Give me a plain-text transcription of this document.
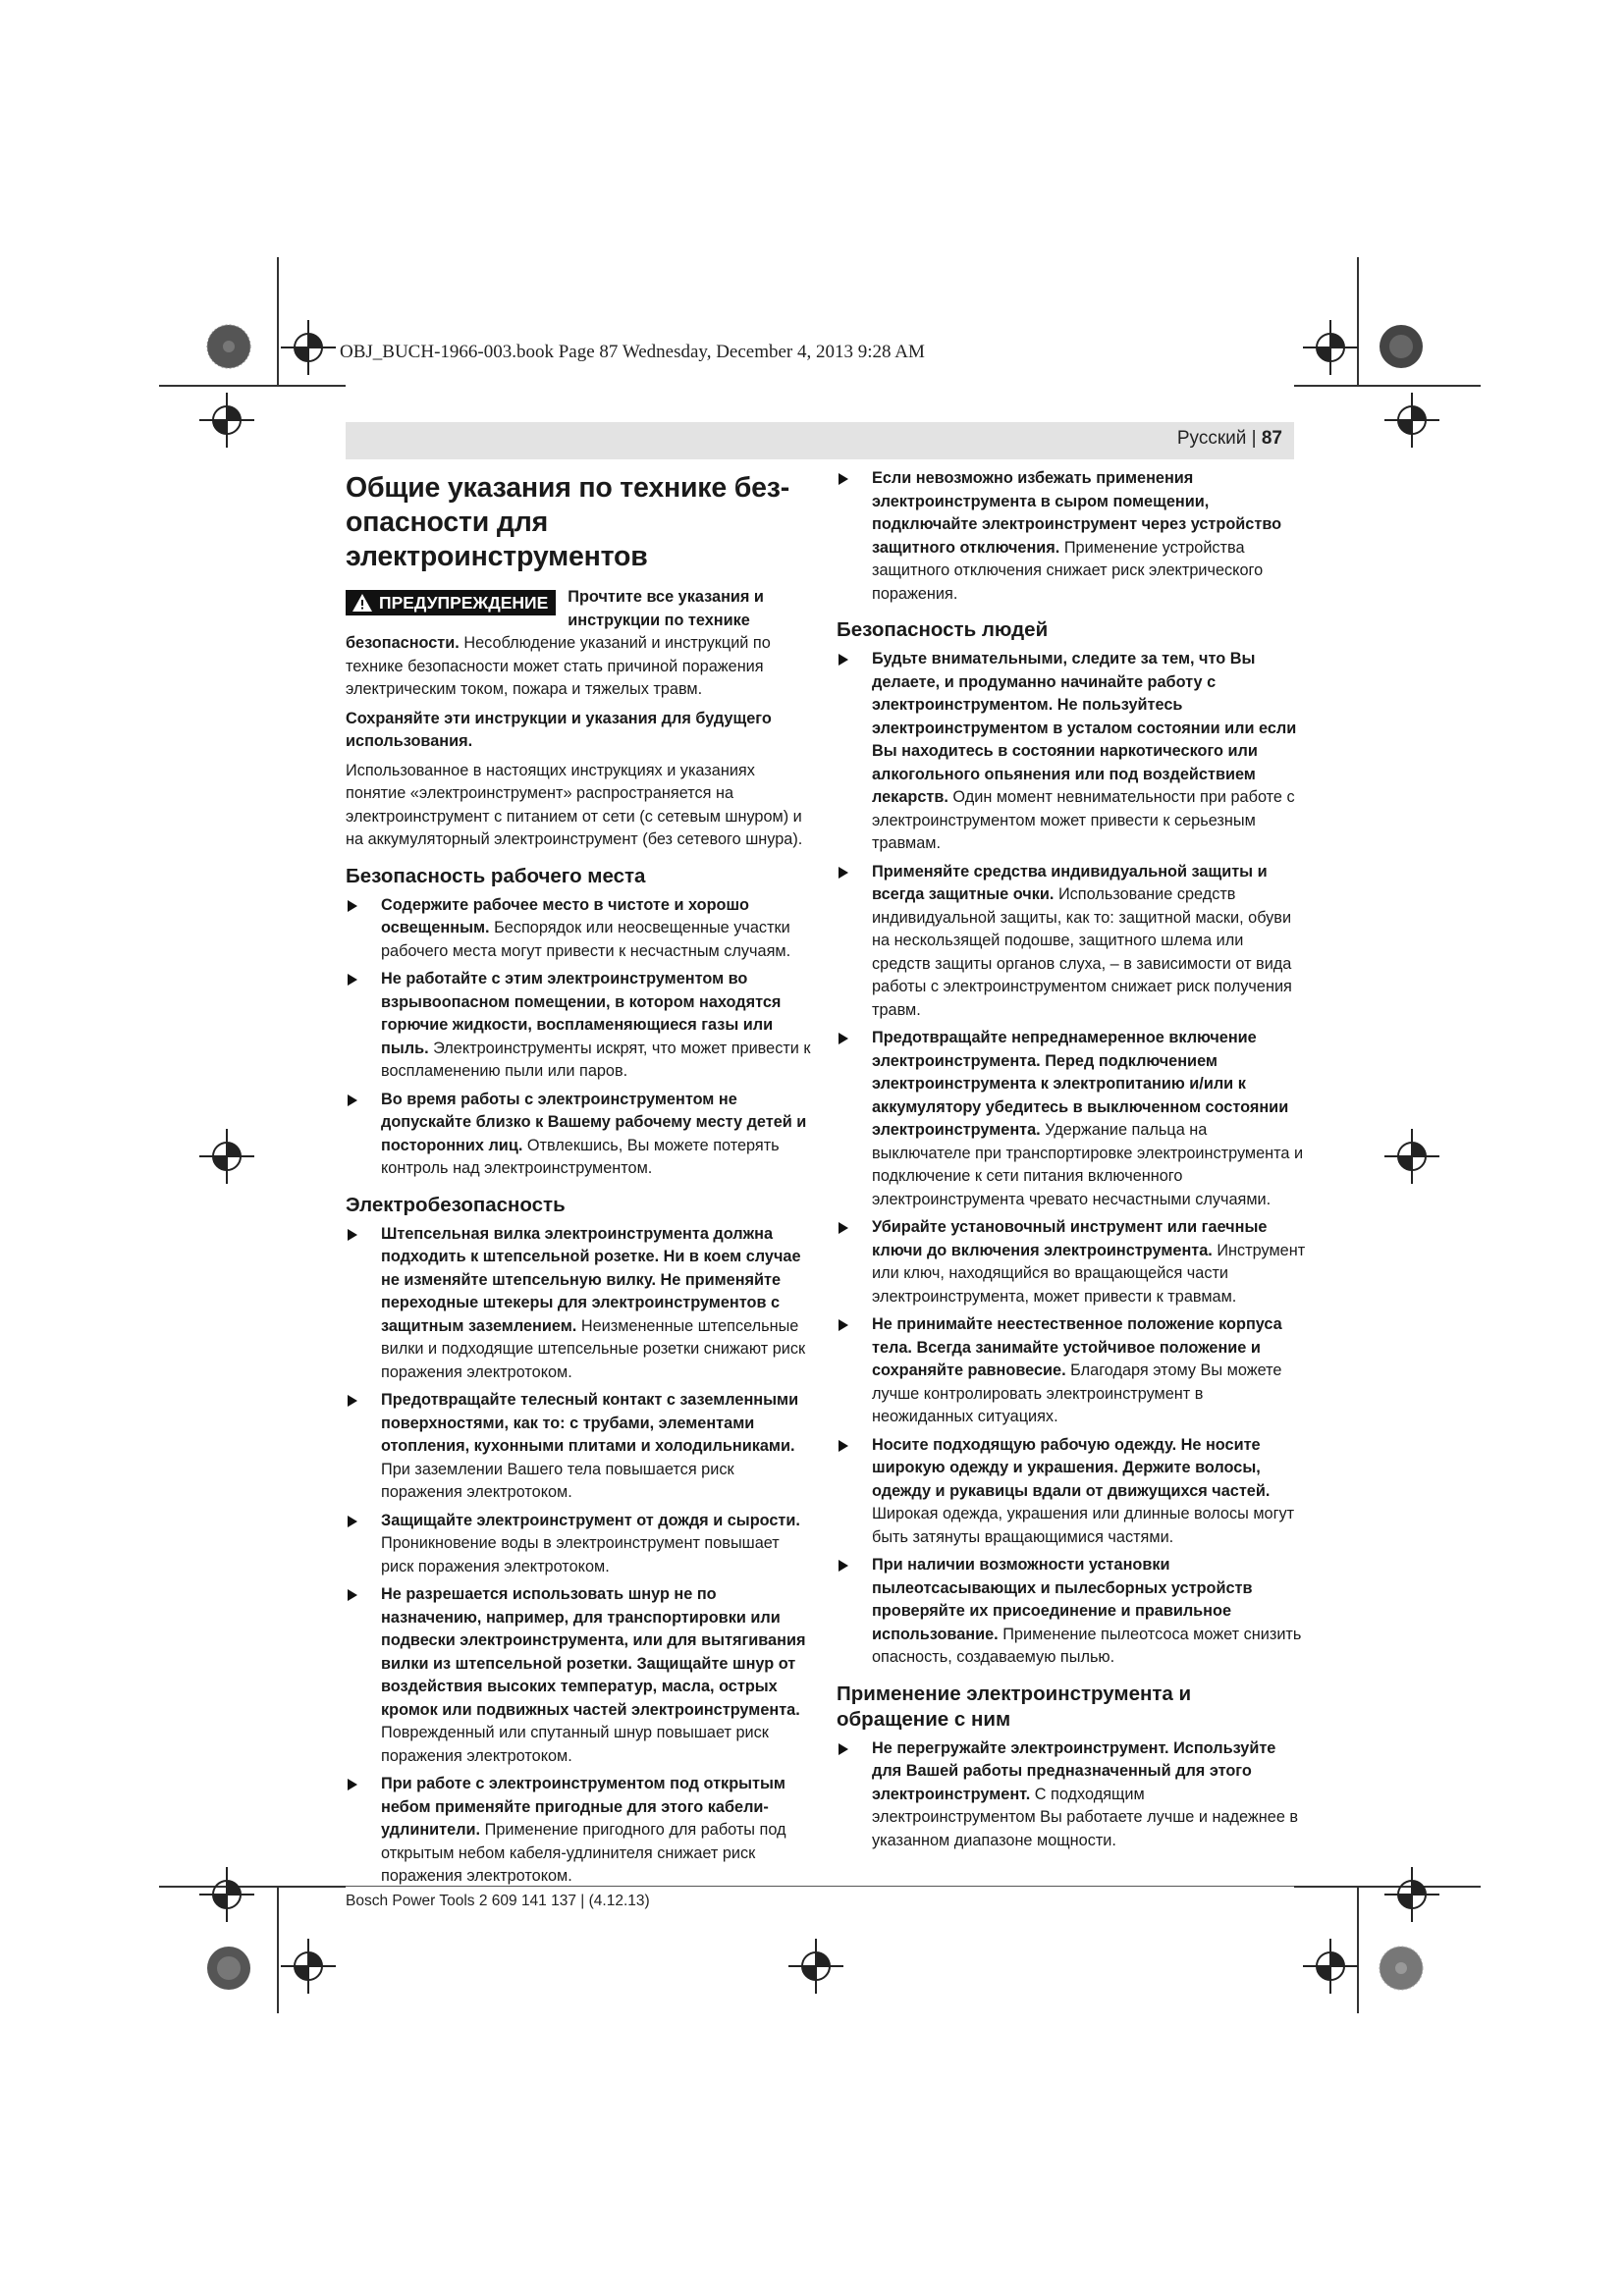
OBJ_BUCH-1966-003.book Page 87 Wednesday, December 4, 2013 9:28 AM
Русский | 87
Общие указания по технике без-опасности для электроинструментов
ПРЕДУПРЕЖДЕНИЕ	Прочтите все указания и инструкции по технике безопасности. Несоблюдение указаний и инструкций по технике безопасности может стать причиной поражения электрическим током, пожара и тяжелых травм.

Сохраняйте эти инструкции и указания для будущего использования.

Использованное в настоящих инструкциях и указаниях понятие «электроинструмент» распространяется на электроинструмент с питанием от сети (с сетевым шнуром) и на аккумуляторный электроинструмент (без сетевого шнура).

Безопасность рабочего места
Содержите рабочее место в чистоте и хорошо освещенным. Беспорядок или неосвещенные участки рабочего места могут привести к несчастным случаям.
Не работайте с этим электроинструментом во взрывоопасном помещении, в котором находятся горючие жидкости, воспламеняющиеся газы или пыль. Электроинструменты искрят, что может привести к воспламенению пыли или паров.
Во время работы с электроинструментом не допускайте близко к Вашему рабочему месту детей и посторонних лиц. Отвлекшись, Вы можете потерять контроль над электроинструментом.
Электробезопасность
Штепсельная вилка электроинструмента должна подходить к штепсельной розетке. Ни в коем случае не изменяйте штепсельную вилку. Не применяйте переходные штекеры для электроинструментов с защитным заземлением. Неизмененные штепсельные вилки и подходящие штепсельные розетки снижают риск поражения электротоком.
Предотвращайте телесный контакт с заземленными поверхностями, как то: с трубами, элементами отопления, кухонными плитами и холодильниками. При заземлении Вашего тела повышается риск поражения электротоком.
Защищайте электроинструмент от дождя и сырости. Проникновение воды в электроинструмент повышает риск поражения электротоком.
Не разрешается использовать шнур не по назначению, например, для транспортировки или подвески электроинструмента, или для вытягивания вилки из штепсельной розетки. Защищайте шнур от воздействия высоких температур, масла, острых кромок или подвижных частей электроинструмента. Поврежденный или спутанный шнур повышает риск поражения электротоком.
При работе с электроинструментом под открытым небом применяйте пригодные для этого кабели-удлинители. Применение пригодного для работы под открытым небом кабеля-удлинителя снижает риск поражения электротоком.
Если невозможно избежать применения электроинструмента в сыром помещении, подключайте электроинструмент через устройство защитного отключения. Применение устройства защитного отключения снижает риск электрического поражения.
Безопасность людей
Будьте внимательными, следите за тем, что Вы делаете, и продуманно начинайте работу с электроинструментом. Не пользуйтесь электроинструментом в усталом состоянии или если Вы находитесь в состоянии наркотического или алкогольного опьянения или под воздействием лекарств. Один момент невнимательности при работе с электроинструментом может привести к серьезным травмам.
Применяйте средства индивидуальной защиты и всегда защитные очки. Использование средств индивидуальной защиты, как то: защитной маски, обуви на нескользящей подошве, защитного шлема или средств защиты органов слуха, – в зависимости от вида работы с электроинструментом снижает риск получения травм.
Предотвращайте непреднамеренное включение электроинструмента. Перед подключением электроинструмента к электропитанию и/или к аккумулятору убедитесь в выключенном состоянии электроинструмента. Удержание пальца на выключателе при транспортировке электроинструмента и подключение к сети питания включенного электроинструмента чревато несчастными случаями.
Убирайте установочный инструмент или гаечные ключи до включения электроинструмента. Инструмент или ключ, находящийся во вращающейся части электроинструмента, может привести к травмам.
Не принимайте неестественное положение корпуса тела. Всегда занимайте устойчивое положение и сохраняйте равновесие. Благодаря этому Вы можете лучше контролировать электроинструмент в неожиданных ситуациях.
Носите подходящую рабочую одежду. Не носите широкую одежду и украшения. Держите волосы, одежду и рукавицы вдали от движущихся частей. Широкая одежда, украшения или длинные волосы могут быть затянуты вращающимися частями.
При наличии возможности установки пылеотсасывающих и пылесборных устройств проверяйте их присоединение и правильное использование. Применение пылеотсоса может снизить опасность, создаваемую пылью.
Применение электроинструмента и обращение с ним
Не перегружайте электроинструмент. Используйте для Вашей работы предназначенный для этого электроинструмент. С подходящим электроинструментом Вы работаете лучше и надежнее в указанном диапазоне мощности.
Bosch Power Tools 2 609 141 137 | (4.12.13)
